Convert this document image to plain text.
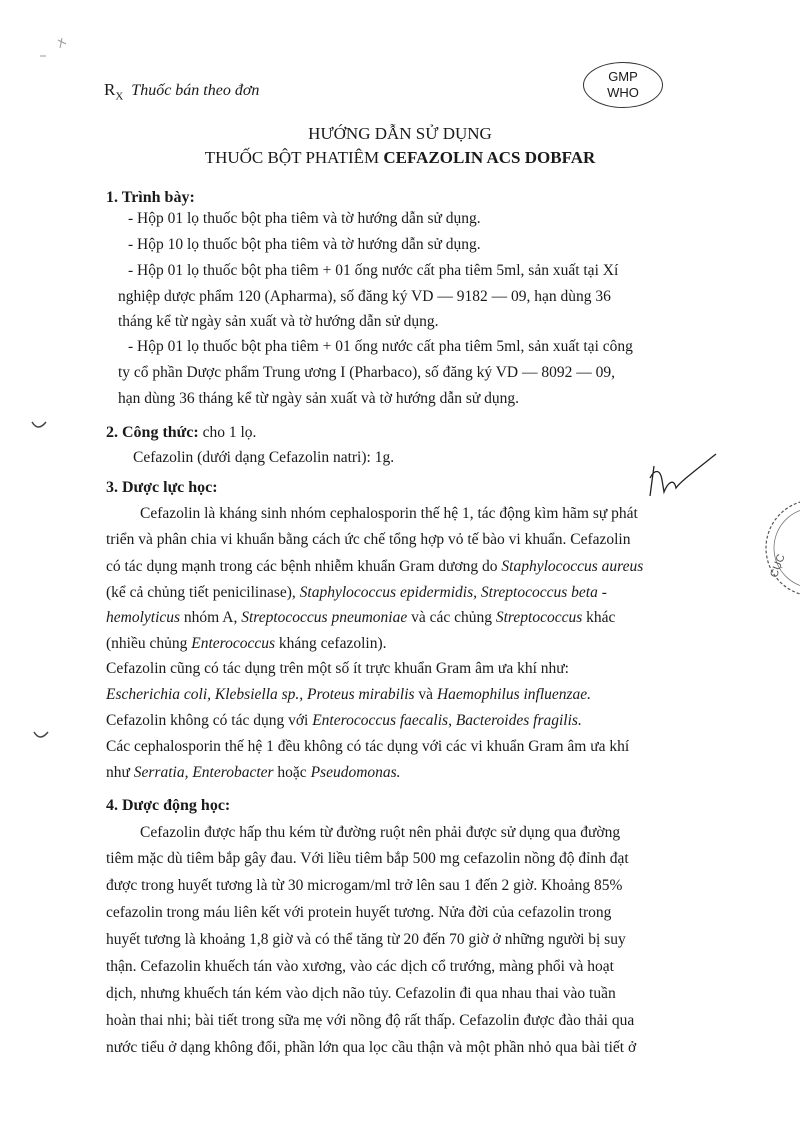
$R_X$ Thuốc bán theo đơn
GMP
WHO
HƯỚNG DẪN SỬ DỤNG
THUỐC BỘT PHATIÊM CEFAZOLIN ACS DOBFAR
1. Trình bày:
- Hộp 01 lọ thuốc bột pha tiêm và tờ hướng dẫn sử dụng.
- Hộp 10 lọ thuốc bột pha tiêm và tờ hướng dẫn sử dụng.
- Hộp 01 lọ thuốc bột pha tiêm + 01 ống nước cất pha tiêm 5ml, sản xuất tại Xí
nghiệp dược phẩm 120 (Apharma), số đăng ký VD — 9182 — 09, hạn dùng 36
tháng kể từ ngày sản xuất và tờ hướng dẫn sử dụng.
- Hộp 01 lọ thuốc bột pha tiêm + 01 ống nước cất pha tiêm 5ml, sản xuất tại công
ty cổ phần Dược phẩm Trung ương I (Pharbaco), số đăng ký VD — 8092 — 09,
hạn dùng 36 tháng kể từ ngày sản xuất và tờ hướng dẫn sử dụng.
2. Công thức: cho 1 lọ.
Cefazolin (dưới dạng Cefazolin natri): 1g.
3. Dược lực học:
Cefazolin là kháng sinh nhóm cephalosporin thế hệ 1, tác động kìm hãm sự phát
triển và phân chia vi khuẩn bằng cách ức chế tổng hợp vỏ tế bào vi khuẩn. Cefazolin
có tác dụng mạnh trong các bệnh nhiễm khuẩn Gram dương do Staphylococcus aureus
(kể cả chủng tiết penicilinase), Staphylococcus epidermidis, Streptococcus beta -
hemolyticus nhóm A, Streptococcus pneumoniae và các chủng Streptococcus khác
(nhiều chủng Enterococcus kháng cefazolin).
Cefazolin cũng có tác dụng trên một số ít trực khuẩn Gram âm ưa khí như:
Escherichia coli, Klebsiella sp., Proteus mirabilis và Haemophilus influenzae.
Cefazolin không có tác dụng với Enterococcus faecalis, Bacteroides fragilis.
Các cephalosporin thế hệ 1 đều không có tác dụng với các vi khuẩn Gram âm ưa khí
như Serratia, Enterobacter hoặc Pseudomonas.
4. Dược động học:
Cefazolin được hấp thu kém từ đường ruột nên phải được sử dụng qua đường
tiêm mặc dù tiêm bắp gây đau. Với liều tiêm bắp 500 mg cefazolin nồng độ đỉnh đạt
được trong huyết tương là từ 30 microgam/ml trở lên sau 1 đến 2 giờ. Khoảng 85%
cefazolin trong máu liên kết với protein huyết tương. Nửa đời của cefazolin trong
huyết tương là khoảng 1,8 giờ và có thể tăng từ 20 đến 70 giờ ở những người bị suy
thận. Cefazolin khuếch tán vào xương, vào các dịch cổ trướng, màng phổi và hoạt
dịch, nhưng khuếch tán kém vào dịch não tủy. Cefazolin đi qua nhau thai vào tuần
hoàn thai nhi; bài tiết trong sữa mẹ với nồng độ rất thấp. Cefazolin được đào thải qua
nước tiểu ở dạng không đổi, phần lớn qua lọc cầu thận và một phần nhỏ qua bài tiết ở
CỤC
